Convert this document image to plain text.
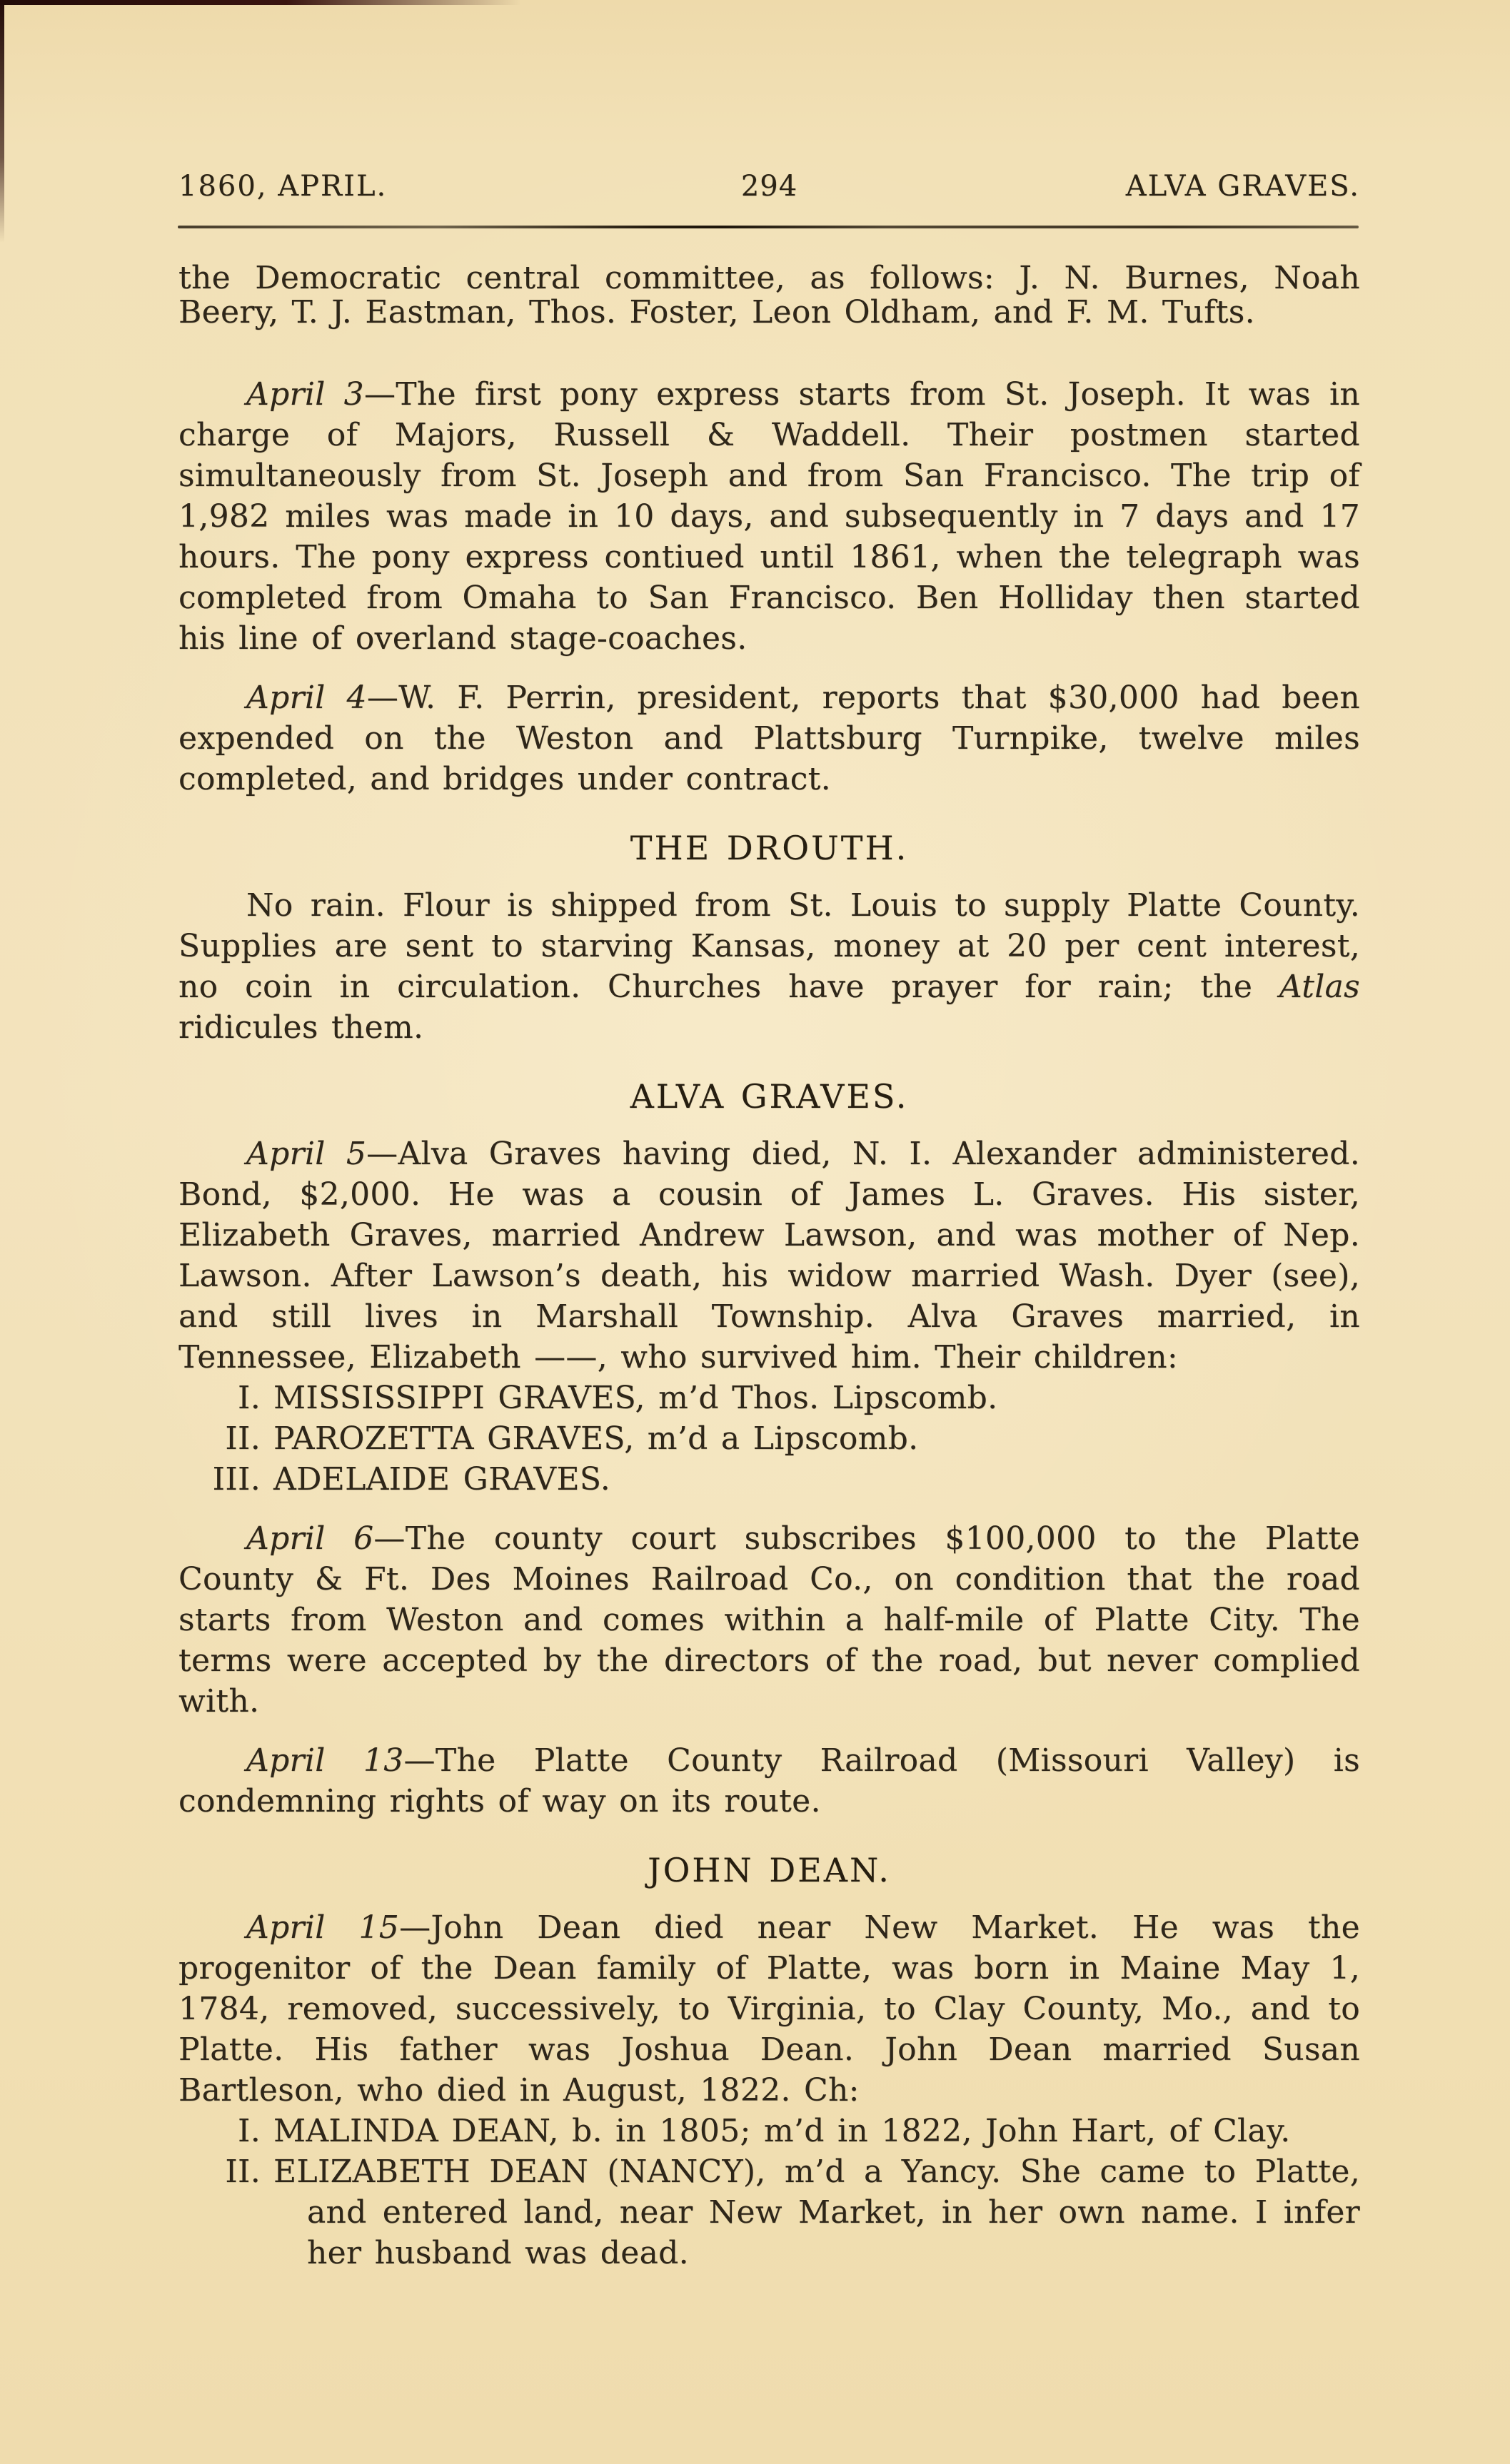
1860, APRIL.	294	ALVA GRAVES.

the Democratic central committee, as follows: J. N. Burnes, Noah Beery, T. J. Eastman, Thos. Foster, Leon Oldham, and F. M. Tufts.

April 3—The first pony express starts from St. Joseph. It was in charge of Majors, Russell & Waddell. Their postmen started simultaneously from St. Joseph and from San Francisco. The trip of 1,982 miles was made in 10 days, and subsequently in 7 days and 17 hours. The pony express contiued until 1861, when the telegraph was completed from Omaha to San Francisco. Ben Holliday then started his line of overland stage-coaches.

April 4—W. F. Perrin, president, reports that $30,000 had been expended on the Weston and Plattsburg Turnpike, twelve miles completed, and bridges under contract.

THE DROUTH.

No rain. Flour is shipped from St. Louis to supply Platte County. Supplies are sent to starving Kansas, money at 20 per cent interest, no coin in circulation. Churches have prayer for rain; the Atlas ridicules them.

ALVA GRAVES.

April 5—Alva Graves having died, N. I. Alexander administered. Bond, $2,000. He was a cousin of James L. Graves. His sister, Elizabeth Graves, married Andrew Lawson, and was mother of Nep. Lawson. After Lawson’s death, his widow married Wash. Dyer (see), and still lives in Marshall Township. Alva Graves married, in Tennessee, Elizabeth ——, who survived him. Their children:

I. MISSISSIPPI GRAVES, m’d Thos. Lipscomb.
II. PAROZETTA GRAVES, m’d a Lipscomb.
III. ADELAIDE GRAVES.

April 6—The county court subscribes $100,000 to the Platte County & Ft. Des Moines Railroad Co., on condition that the road starts from Weston and comes within a half-mile of Platte City. The terms were accepted by the directors of the road, but never complied with.

April 13—The Platte County Railroad (Missouri Valley) is condemning rights of way on its route.

JOHN DEAN.

April 15—John Dean died near New Market. He was the progenitor of the Dean family of Platte, was born in Maine May 1, 1784, removed, successively, to Virginia, to Clay County, Mo., and to Platte. His father was Joshua Dean. John Dean married Susan Bartleson, who died in August, 1822. Ch:

I. MALINDA DEAN, b. in 1805; m’d in 1822, John Hart, of Clay.
II. ELIZABETH DEAN (NANCY), m’d a Yancy. She came to Platte, and entered land, near New Market, in her own name. I infer her husband was dead.
